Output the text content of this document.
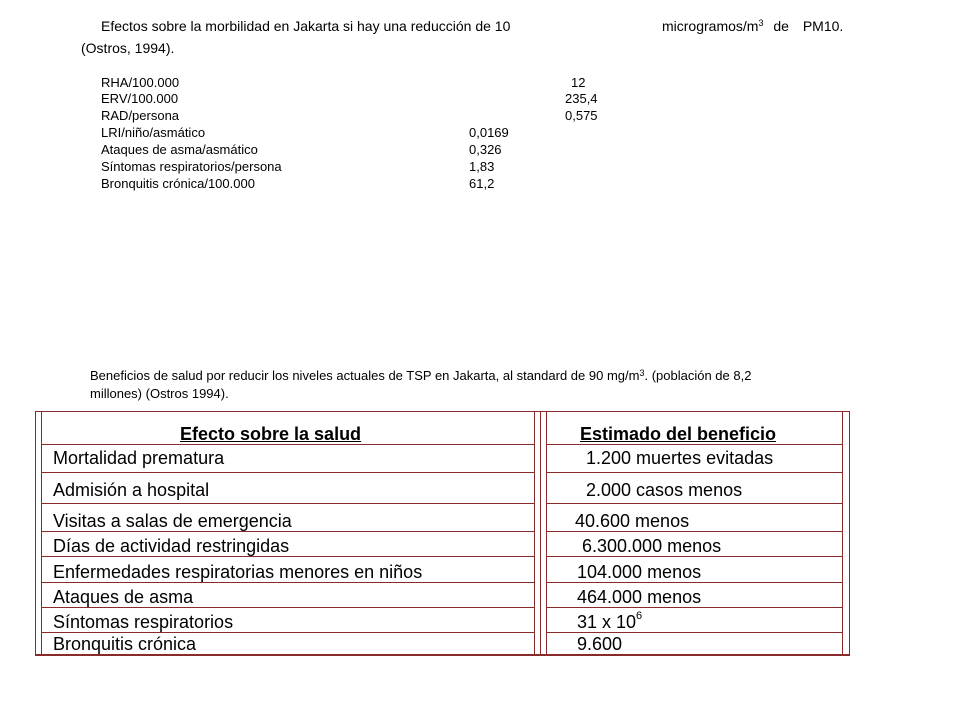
Efectos sobre la morbilidad en Jakarta si hay una reducción de 10	microgramos/$m^3$ de PM10.
(Ostros, 1994).
RHA/100.000	12
ERV/100.000	235,4
RAD/persona	0,575
LRI/niño/asmático	0,0169
Ataques de asma/asmático	0,326
Síntomas respiratorios/persona	1,83
Bronquitis crónica/100.000	61,2
Beneficios de salud por reducir los niveles actuales de TSP en Jakarta, al standard de 90 $mg/m^3$. (población de 8,2
millones) (Ostros 1994).
Efecto sobre la salud	Estimado del beneficio
Mortalidad prematura	1.200 muertes evitadas
Admisión a hospital	2.000 casos menos
Visitas a salas de emergencia	40.600 menos
Días de actividad restringidas	6.300.000 menos
Enfermedades respiratorias menores en niños	104.000 menos
Ataques de asma	464.000 menos
Síntomas respiratorios	31 x $10^6$
Bronquitis crónica	9.600
